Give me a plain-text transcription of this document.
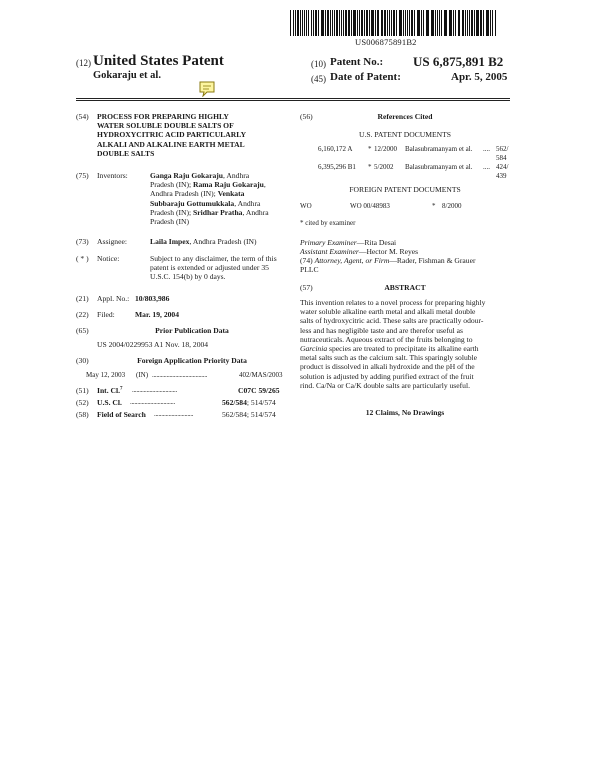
US006875891B2
(12) United States Patent
Gokaraju et al.
(10) Patent No.: US 6,875,891 B2
(45) Date of Patent:	Apr. 5, 2005
(54) PROCESS FOR PREPARING HIGHLY
WATER SOLUBLE DOUBLE SALTS OF
HYDROXYCITRIC ACID PARTICULARLY
ALKALI AND ALKALINE EARTH METAL
DOUBLE SALTS
(75) Inventors:	Ganga Raju Gokaraju, Andhra
Pradesh (IN); Rama Raju Gokaraju,
Andhra Pradesh (IN); Venkata
Subbaraju Gottumukkala, Andhra
Pradesh (IN); Sridhar Pratha, Andhra
Pradesh (IN)
(73) Assignee:	Laila Impex, Andhra Pradesh (IN)
( * ) Notice:	Subject to any disclaimer, the term of this
patent is extended or adjusted under 35
U.S.C. 154(b) by 0 days.
(21) Appl. No.: 10/803,986
(22) Filed:	Mar. 19, 2004
(65)	Prior Publication Data
US 2004/0229953 A1 Nov. 18, 2004
(30)	Foreign Application Priority Data
May 12, 2003 (IN) ......................................	402/MAS/2003
(51) Int. Cl.$^7$ ...............................	C07C 59/265
(52) U.S. Cl. ...............................	562/584; 514/574
(58) Field of Search ...........................	562/584; 514/574
(56)	References Cited
U.S. PATENT DOCUMENTS
6,160,172 A * 12/2000 Balasubramanyam et al. .... 562/
584
6,395,296 B1 * 5/2002 Balasubramanyam et al. .... 424/
439
FOREIGN PATENT DOCUMENTS
WO	WO 00/48983	* 8/2000
* cited by examiner
Primary Examiner—Rita Desai
Assistant Examiner—Hector M. Reyes
(74) Attorney, Agent, or Firm—Rader, Fishman & Grauer
PLLC
(57)	ABSTRACT
This invention relates to a novel process for preparing highly
water soluble alkaline earth metal and alkali metal double
salts of hydroxycitric acid. These salts are practically odour-
less and has negligible taste and are therefor useful as
nutraceuticals. Aqueous extract of the fruits belonging to
Garcinia species are treated to precipitate its alkaline earth
metal salts such as the calcium salt. This sparingly soluble
product is dissolved in alkali hydroxide and the pH of the
solution is adjusted by adding purified extract of the fruit
rind. Ca/Na or Ca/K double salts are particularly useful.
12 Claims, No Drawings
